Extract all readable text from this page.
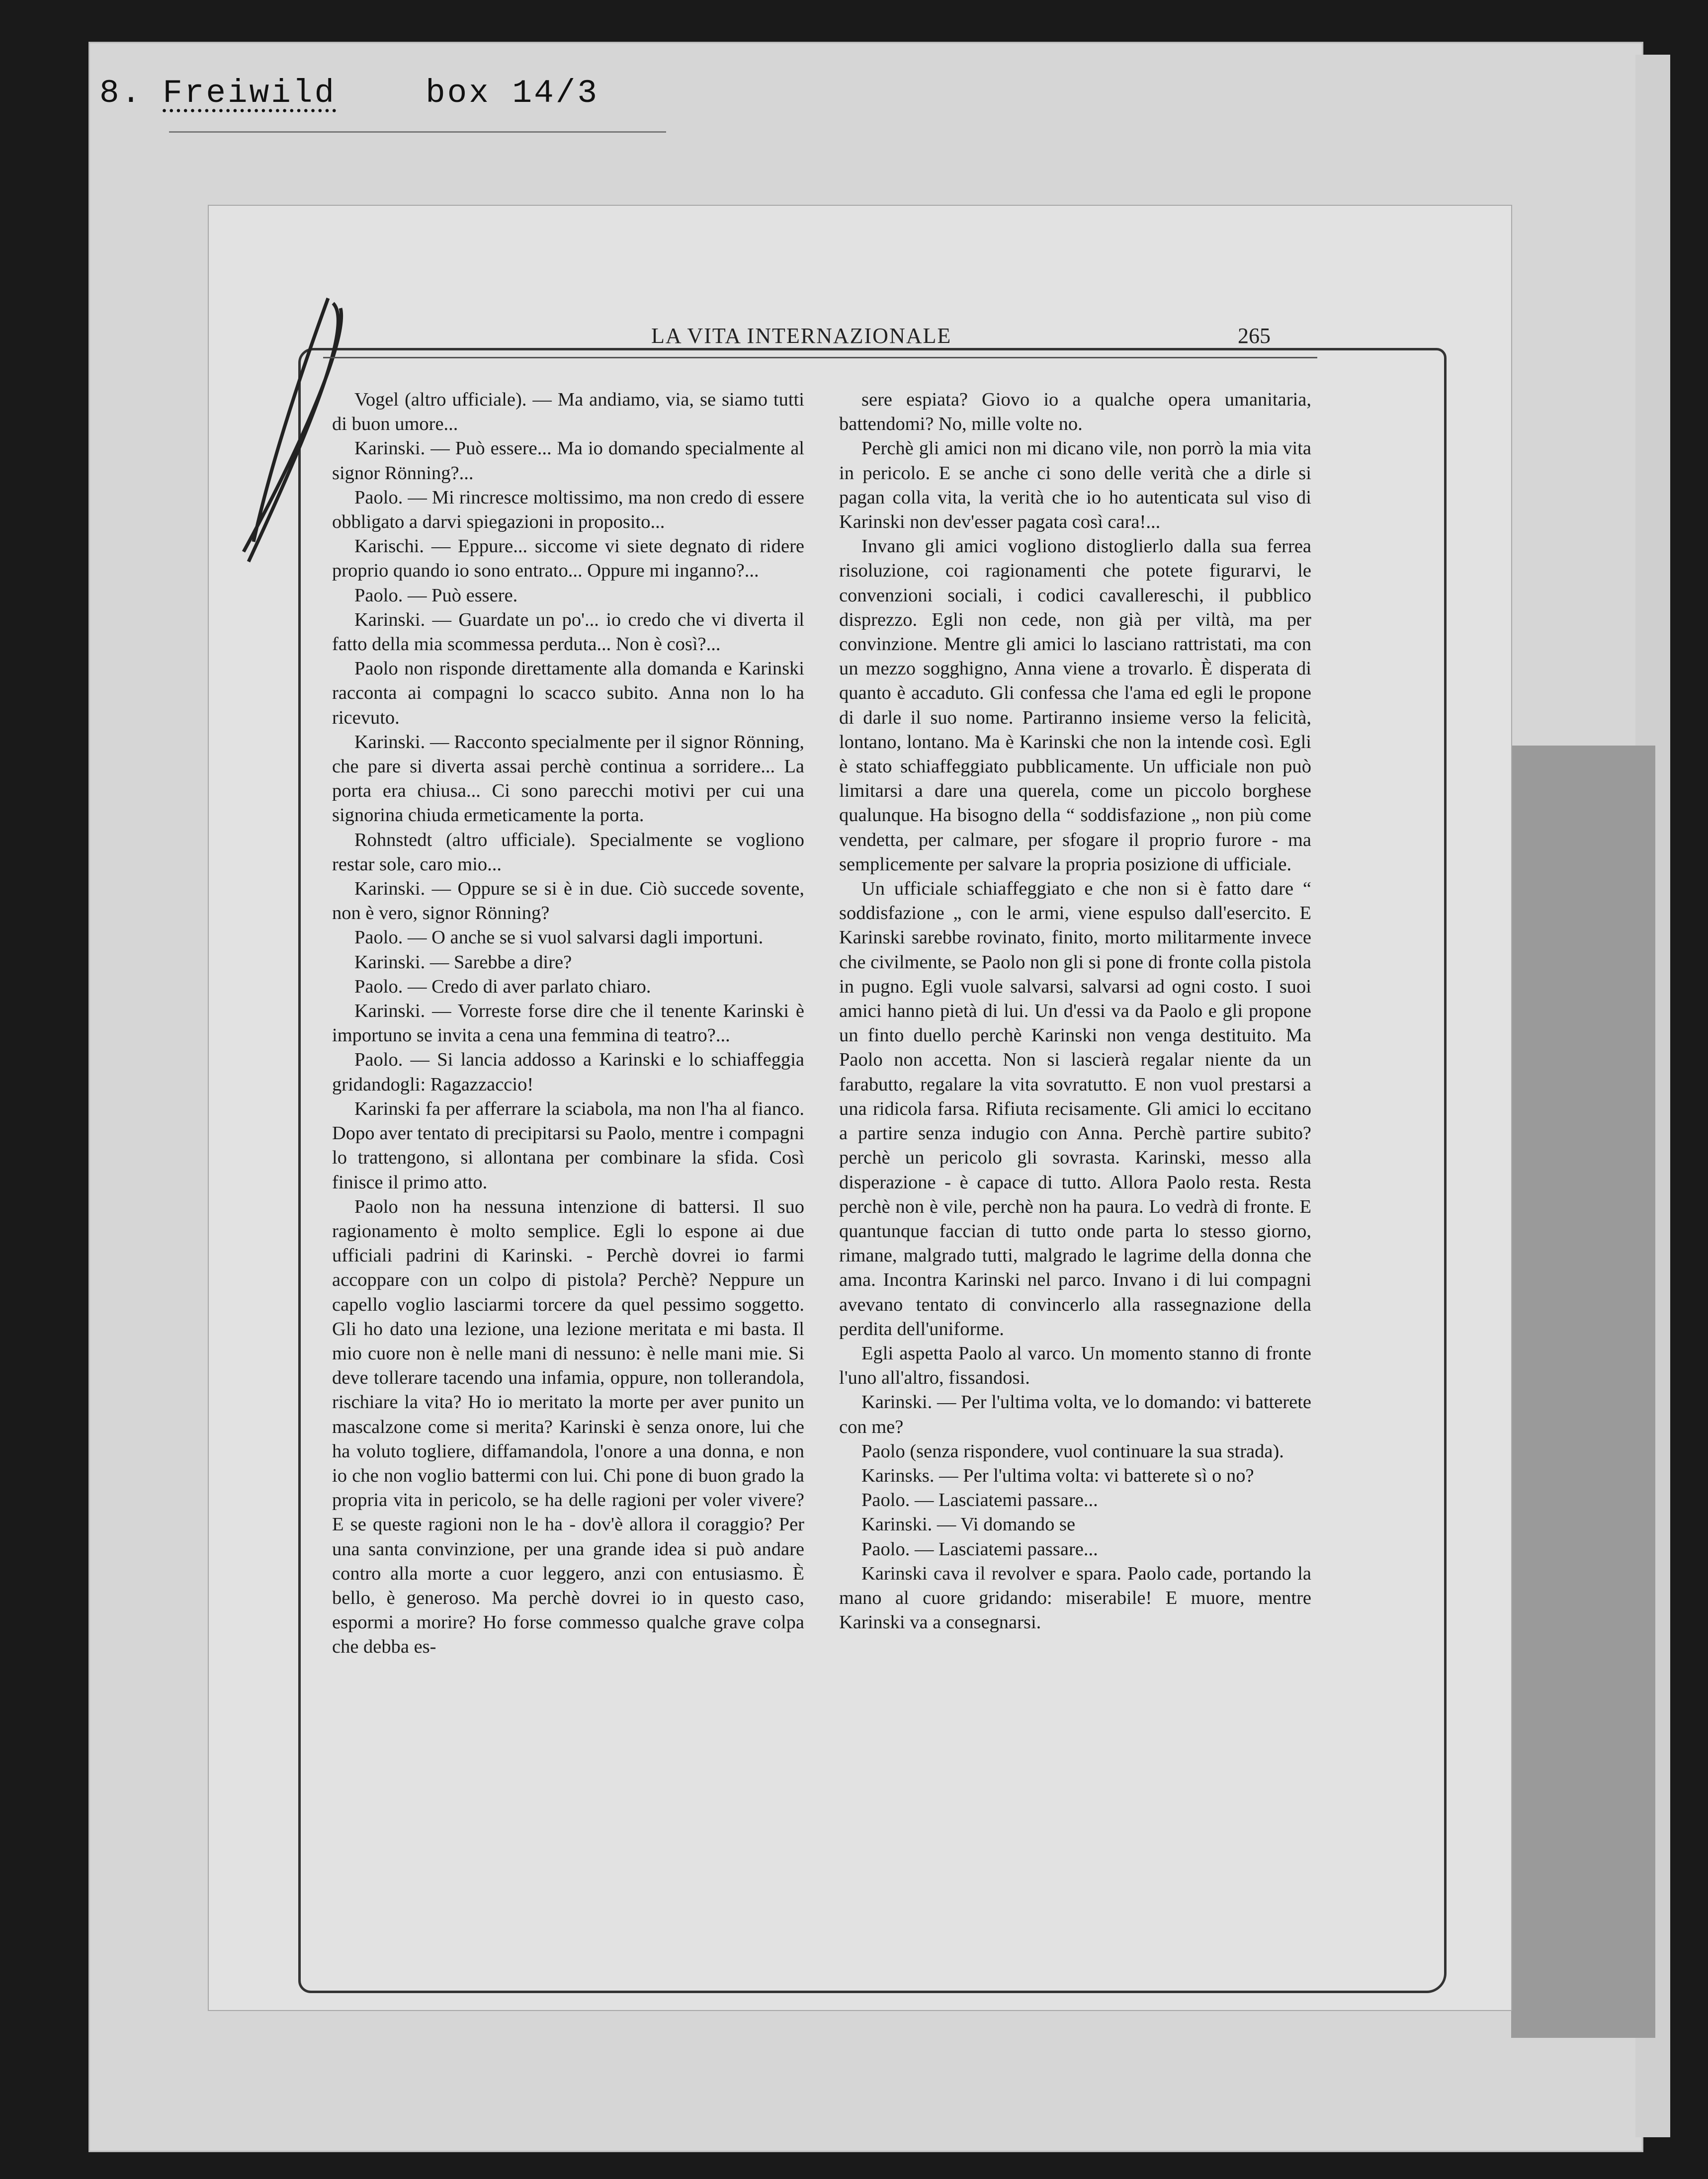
8. Freiwild	box 14/3
LA VITA INTERNAZIONALE	265

Vogel (altro ufficiale). — Ma andiamo, via, se siamo tutti di buon umore...

Karinski. — Può essere... Ma io domando specialmente al signor Rönning?...

Paolo. — Mi rincresce moltissimo, ma non credo di essere obbligato a darvi spiegazioni in proposito...

Karischi. — Eppure... siccome vi siete degnato di ridere proprio quando io sono entrato... Oppure mi inganno?...

Paolo. — Può essere.

Karinski. — Guardate un po'... io credo che vi diverta il fatto della mia scommessa perduta... Non è così?...

Paolo non risponde direttamente alla domanda e Karinski racconta ai compagni lo scacco subito. Anna non lo ha ricevuto.

Karinski. — Racconto specialmente per il signor Rönning, che pare si diverta assai perchè continua a sorridere... La porta era chiusa... Ci sono parecchi motivi per cui una signorina chiuda ermeticamente la porta.

Rohnstedt (altro ufficiale). Specialmente se vogliono restar sole, caro mio...

Karinski. — Oppure se si è in due. Ciò succede sovente, non è vero, signor Rönning?

Paolo. — O anche se si vuol salvarsi dagli importuni.

Karinski. — Sarebbe a dire?

Paolo. — Credo di aver parlato chiaro.

Karinski. — Vorreste forse dire che il tenente Karinski è importuno se invita a cena una femmina di teatro?...

Paolo. — Si lancia addosso a Karinski e lo schiaffeggia gridandogli: Ragazzaccio!

Karinski fa per afferrare la sciabola, ma non l'ha al fianco. Dopo aver tentato di precipitarsi su Paolo, mentre i compagni lo trattengono, si allontana per combinare la sfida. Così finisce il primo atto.

Paolo non ha nessuna intenzione di battersi. Il suo ragionamento è molto semplice. Egli lo espone ai due ufficiali padrini di Karinski. - Perchè dovrei io farmi accoppare con un colpo di pistola? Perchè? Neppure un capello voglio lasciarmi torcere da quel pessimo soggetto. Gli ho dato una lezione, una lezione meritata e mi basta. Il mio cuore non è nelle mani di nessuno: è nelle mani mie. Si deve tollerare tacendo una infamia, oppure, non tollerandola, rischiare la vita? Ho io meritato la morte per aver punito un mascalzone come si merita? Karinski è senza onore, lui che ha voluto togliere, diffamandola, l'onore a una donna, e non io che non voglio battermi con lui. Chi pone di buon grado la propria vita in pericolo, se ha delle ragioni per voler vivere? E se queste ragioni non le ha - dov'è allora il coraggio? Per una santa convinzione, per una grande idea si può andare contro alla morte a cuor leggero, anzi con entusiasmo. È bello, è generoso. Ma perchè dovrei io in questo caso, espormi a morire? Ho forse commesso qualche grave colpa che debba es-

sere espiata? Giovo io a qualche opera umanitaria, battendomi? No, mille volte no.

Perchè gli amici non mi dicano vile, non porrò la mia vita in pericolo. E se anche ci sono delle verità che a dirle si pagan colla vita, la verità che io ho autenticata sul viso di Karinski non dev'esser pagata così cara!...

Invano gli amici vogliono distoglierlo dalla sua ferrea risoluzione, coi ragionamenti che potete figurarvi, le convenzioni sociali, i codici cavallereschi, il pubblico disprezzo. Egli non cede, non già per viltà, ma per convinzione. Mentre gli amici lo lasciano rattristati, ma con un mezzo sogghigno, Anna viene a trovarlo. È disperata di quanto è accaduto. Gli confessa che l'ama ed egli le propone di darle il suo nome. Partiranno insieme verso la felicità, lontano, lontano. Ma è Karinski che non la intende così. Egli è stato schiaffeggiato pubblicamente. Un ufficiale non può limitarsi a dare una querela, come un piccolo borghese qualunque. Ha bisogno della “ soddisfazione „ non più come vendetta, per calmare, per sfogare il proprio furore - ma semplicemente per salvare la propria posizione di ufficiale.

Un ufficiale schiaffeggiato e che non si è fatto dare “ soddisfazione „ con le armi, viene espulso dall'esercito. E Karinski sarebbe rovinato, finito, morto militarmente invece che civilmente, se Paolo non gli si pone di fronte colla pistola in pugno. Egli vuole salvarsi, salvarsi ad ogni costo. I suoi amici hanno pietà di lui. Un d'essi va da Paolo e gli propone un finto duello perchè Karinski non venga destituito. Ma Paolo non accetta. Non si lascierà regalar niente da un farabutto, regalare la vita sovratutto. E non vuol prestarsi a una ridicola farsa. Rifiuta recisamente. Gli amici lo eccitano a partire senza indugio con Anna. Perchè partire subito? perchè un pericolo gli sovrasta. Karinski, messo alla disperazione - è capace di tutto. Allora Paolo resta. Resta perchè non è vile, perchè non ha paura. Lo vedrà di fronte. E quantunque faccian di tutto onde parta lo stesso giorno, rimane, malgrado tutti, malgrado le lagrime della donna che ama. Incontra Karinski nel parco. Invano i di lui compagni avevano tentato di convincerlo alla rassegnazione della perdita dell'uniforme.

Egli aspetta Paolo al varco. Un momento stanno di fronte l'uno all'altro, fissandosi.

Karinski. — Per l'ultima volta, ve lo domando: vi batterete con me?

Paolo (senza rispondere, vuol continuare la sua strada).

Karinsks. — Per l'ultima volta: vi batterete sì o no?

Paolo. — Lasciatemi passare...

Karinski. — Vi domando se

Paolo. — Lasciatemi passare...

Karinski cava il revolver e spara. Paolo cade, portando la mano al cuore gridando: miserabile! E muore, mentre Karinski va a consegnarsi.
